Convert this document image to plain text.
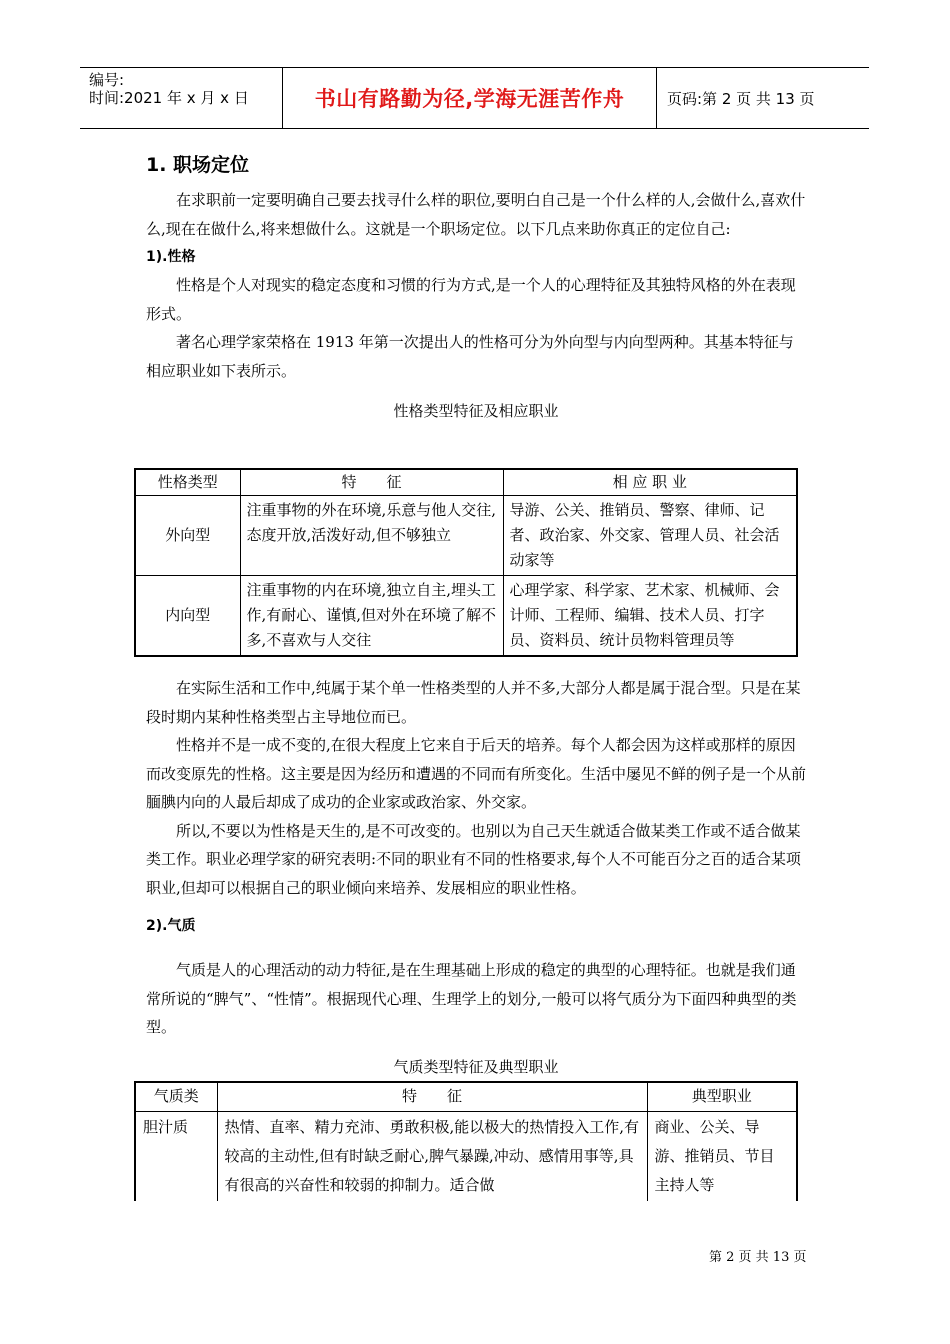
编号:
时间:2021 年 x 月 x 日	书山有路勤为径,学海无涯苦作舟	页码:第 2 页 共 13 页
1. 职场定位

在求职前一定要明确自己要去找寻什么样的职位,要明白自己是一个什么样的人,会做什么,喜欢什么,现在在做什么,将来想做什么。这就是一个职场定位。以下几点来助你真正的定位自己:

1).性格

性格是个人对现实的稳定态度和习惯的行为方式,是一个人的心理特征及其独特风格的外在表现形式。

著名心理学家荣格在 1913 年第一次提出人的性格可分为外向型与内向型两种。其基本特征与相应职业如下表所示。

性格类型特征及相应职业
性格类型	特　　征	相 应 职 业
外向型	注重事物的外在环境,乐意与他人交往,态度开放,活泼好动,但不够独立	导游、公关、推销员、警察、律师、记者、政治家、外交家、管理人员、社会活动家等
内向型	注重事物的内在环境,独立自主,埋头工作,有耐心、谨慎,但对外在环境了解不多,不喜欢与人交往	心理学家、科学家、艺术家、机械师、会计师、工程师、编辑、技术人员、打字员、资料员、统计员物料管理员等

在实际生活和工作中,纯属于某个单一性格类型的人并不多,大部分人都是属于混合型。只是在某段时期内某种性格类型占主导地位而已。

性格并不是一成不变的,在很大程度上它来自于后天的培养。每个人都会因为这样或那样的原因而改变原先的性格。这主要是因为经历和遭遇的不同而有所变化。生活中屡见不鲜的例子是一个从前腼腆内向的人最后却成了成功的企业家或政治家、外交家。

所以,不要以为性格是天生的,是不可改变的。也别以为自己天生就适合做某类工作或不适合做某类工作。职业必理学家的研究表明:不同的职业有不同的性格要求,每个人不可能百分之百的适合某项职业,但却可以根据自己的职业倾向来培养、发展相应的职业性格。

2).气质

气质是人的心理活动的动力特征,是在生理基础上形成的稳定的典型的心理特征。也就是我们通常所说的“脾气”、“性情”。根据现代心理、生理学上的划分,一般可以将气质分为下面四种典型的类型。

气质类型特征及典型职业
气质类	特　　征	典型职业
胆汁质	热情、直率、精力充沛、勇敢积极,能以极大的热情投入工作,有较高的主动性,但有时缺乏耐心,脾气暴躁,冲动、感情用事等,具有很高的兴奋性和较弱的抑制力。适合做	商业、公关、导游、推销员、节目主持人等
第 2 页 共 13 页
